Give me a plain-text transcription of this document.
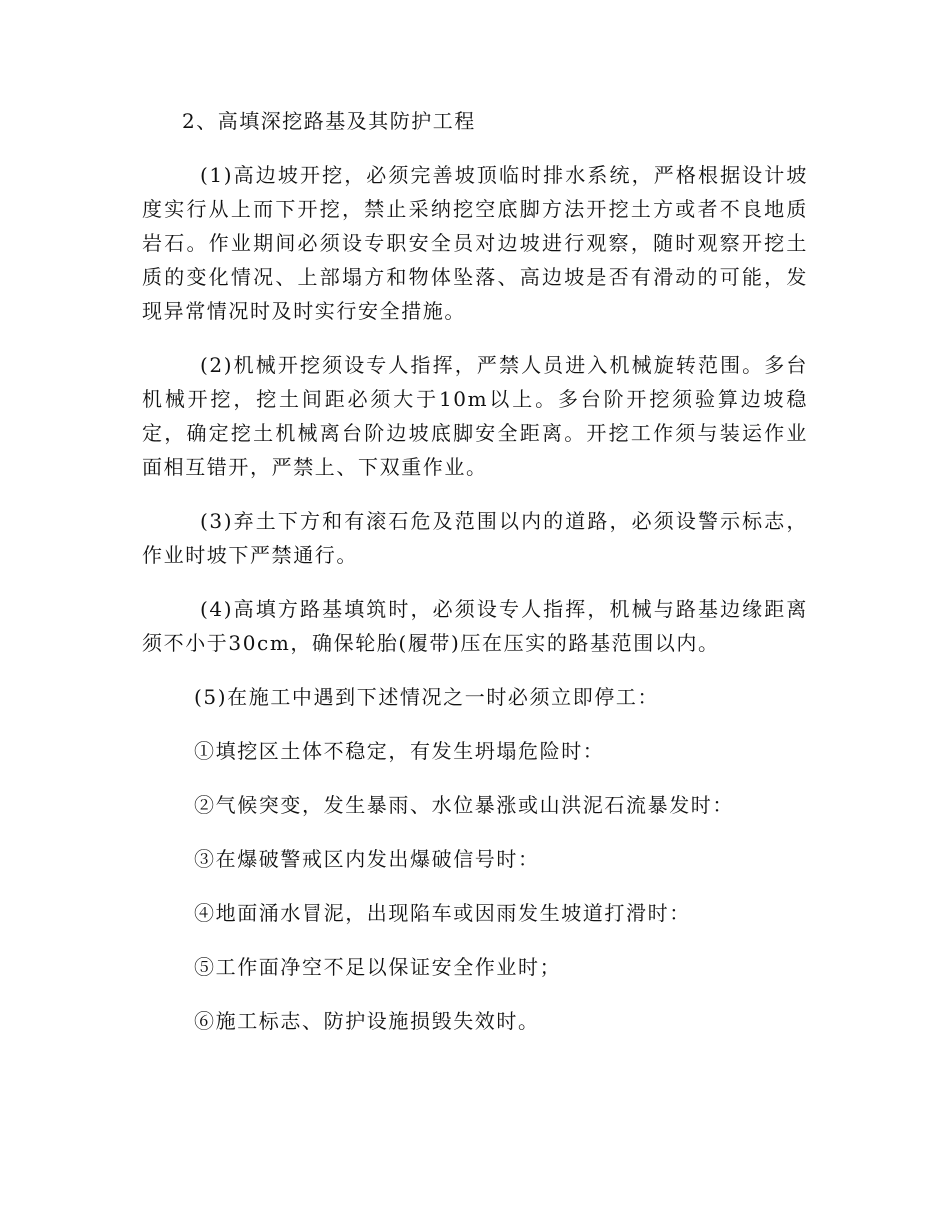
2、高填深挖路基及其防护工程

(1)高边坡开挖，必须完善坡顶临时排水系统，严格根据设计坡度实行从上而下开挖，禁止采纳挖空底脚方法开挖土方或者不良地质岩石。作业期间必须设专职安全员对边坡进行观察，随时观察开挖土质的变化情况、上部塌方和物体坠落、高边坡是否有滑动的可能，发现异常情况时及时实行安全措施。

(2)机械开挖须设专人指挥，严禁人员进入机械旋转范围。多台机械开挖，挖土间距必须大于10m以上。多台阶开挖须验算边坡稳定，确定挖土机械离台阶边坡底脚安全距离。开挖工作须与装运作业面相互错开，严禁上、下双重作业。

(3)弃土下方和有滚石危及范围以内的道路，必须设警示标志，作业时坡下严禁通行。

(4)高填方路基填筑时，必须设专人指挥，机械与路基边缘距离须不小于30cm，确保轮胎(履带)压在压实的路基范围以内。

(5)在施工中遇到下述情况之一时必须立即停工：

①填挖区土体不稳定，有发生坍塌危险时：

②气候突变，发生暴雨、水位暴涨或山洪泥石流暴发时：

③在爆破警戒区内发出爆破信号时：

④地面涌水冒泥，出现陷车或因雨发生坡道打滑时：

⑤工作面净空不足以保证安全作业时；

⑥施工标志、防护设施损毁失效时。
